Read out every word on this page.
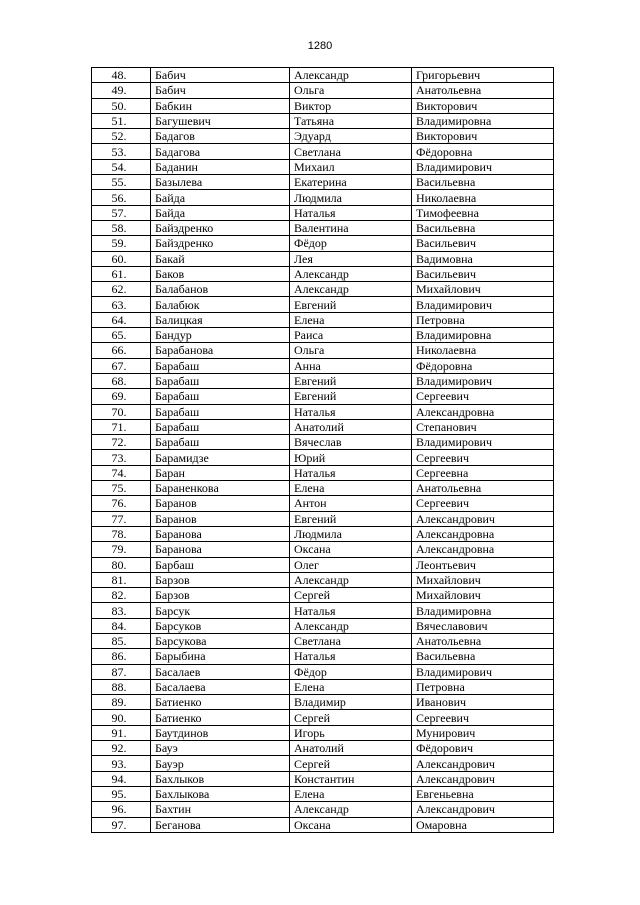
1280
48.	Бабич	Александр	Григорьевич
49.	Бабич	Ольга	Анатольевна
50.	Бабкин	Виктор	Викторович
51.	Багушевич	Татьяна	Владимировна
52.	Бадагов	Эдуард	Викторович
53.	Бадагова	Светлана	Фёдоровна
54.	Баданин	Михаил	Владимирович
55.	Базылева	Екатерина	Васильевна
56.	Байда	Людмила	Николаевна
57.	Байда	Наталья	Тимофеевна
58.	Байздренко	Валентина	Васильевна
59.	Байздренко	Фёдор	Васильевич
60.	Бакай	Лея	Вадимовна
61.	Баков	Александр	Васильевич
62.	Балабанов	Александр	Михайлович
63.	Балабюк	Евгений	Владимирович
64.	Балицкая	Елена	Петровна
65.	Бандур	Раиса	Владимировна
66.	Барабанова	Ольга	Николаевна
67.	Барабаш	Анна	Фёдоровна
68.	Барабаш	Евгений	Владимирович
69.	Барабаш	Евгений	Сергеевич
70.	Барабаш	Наталья	Александровна
71.	Барабаш	Анатолий	Степанович
72.	Барабаш	Вячеслав	Владимирович
73.	Барамидзе	Юрий	Сергеевич
74.	Баран	Наталья	Сергеевна
75.	Бараненкова	Елена	Анатольевна
76.	Баранов	Антон	Сергеевич
77.	Баранов	Евгений	Александрович
78.	Баранова	Людмила	Александровна
79.	Баранова	Оксана	Александровна
80.	Барбаш	Олег	Леонтьевич
81.	Барзов	Александр	Михайлович
82.	Барзов	Сергей	Михайлович
83.	Барсук	Наталья	Владимировна
84.	Барсуков	Александр	Вячеславович
85.	Барсукова	Светлана	Анатольевна
86.	Барыбина	Наталья	Васильевна
87.	Басалаев	Фёдор	Владимирович
88.	Басалаева	Елена	Петровна
89.	Батиенко	Владимир	Иванович
90.	Батиенко	Сергей	Сергеевич
91.	Баутдинов	Игорь	Мунирович
92.	Бауэ	Анатолий	Фёдорович
93.	Бауэр	Сергей	Александрович
94.	Бахлыков	Константин	Александрович
95.	Бахлыкова	Елена	Евгеньевна
96.	Бахтин	Александр	Александрович
97.	Беганова	Оксана	Омаровна
